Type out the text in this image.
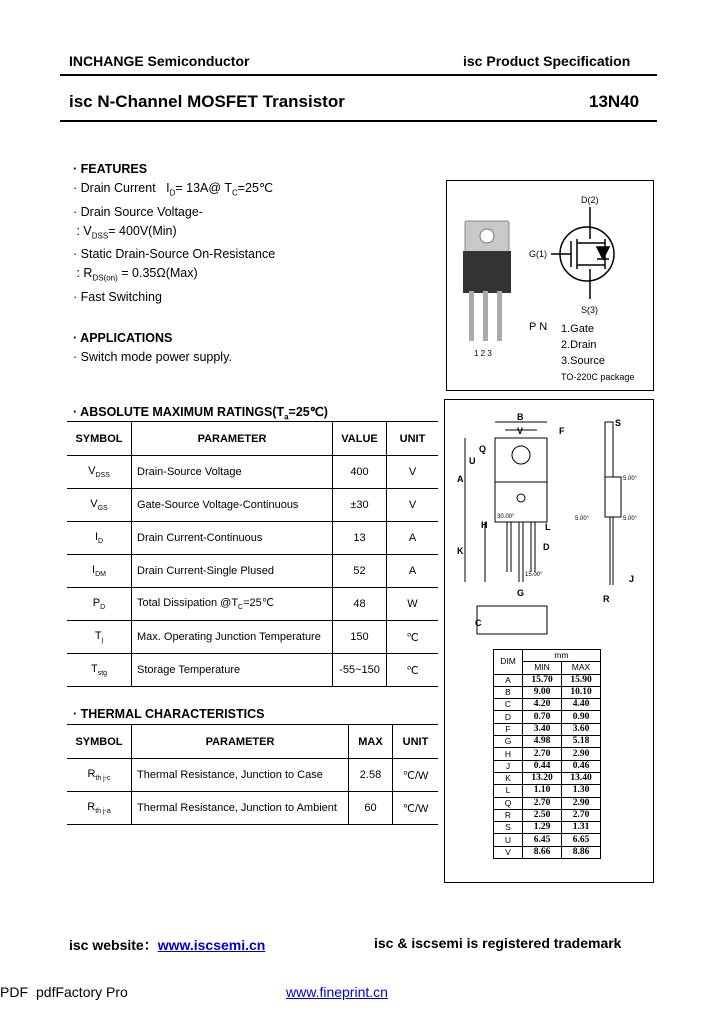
INCHANGE Semiconductor	isc Product Specification
isc N-Channel MOSFET Transistor	13N40
· FEATURES
· Drain Current   $I_D=$ 13A@ $T_C=25℃$
· Drain Source Voltage-
: $V_{DSS}= 400V(Min)$
· Static Drain-Source On-Resistance
: $R_{DS(on)} = 0.35\Omega(Max)$
· Fast Switching
· APPLICATIONS
· Switch mode power supply.
D(2)
G(1)
S(3)
1 2 3
P N 1.Gate
2.Drain
3.Source
TO-220C package
· ABSOLUTE MAXIMUM $RATINGS(T_a=25℃)$
SYMBOL	PARAMETER	VALUE	UNIT
$V_{DSS}$	Drain-Source Voltage	400	V
$V_{GS}$	Gate-Source Voltage-Continuous	±30	V
$I_D$	Drain Current-Continuous	13	A
$I_{DM}$	Drain Current-Single Plused	52	A
$P_D$	Total Dissipation $@T_C=25℃$	48	W
$T_j$	Max. Operating Junction Temperature	150	℃
$T_{stg}$	Storage Temperature	-55~150	℃
· THERMAL CHARACTERISTICS
SYMBOL	PARAMETER	MAX	UNIT
$R_{th j-c}$	Thermal Resistance, Junction to Case	2.58	℃/W
$R_{th j-a}$	Thermal Resistance, Junction to Ambient	60	℃/W
B
V	F
S
U
Q
A
H	L
K	D
J
G
R
C
30.00°
15.00°
5.00°
5.00°	5.00°
DIM	mm	
	MIN	MAX
A	15.70	15.90
B	9.00	10.10
C	4.20	4.40
D	0.70	0.90
F	3.40	3.60
G	4.98	5.18
H	2.70	2.90
J	0.44	0.46
K	13.20	13.40
L	1.10	1.30
Q	2.70	2.90
R	2.50	2.70
S	1.29	1.31
U	6.45	6.65
V	8.66	8.86
isc website：www.iscsemi.cn	isc & iscsemi is registered trademark
PDF pdfFactory Pro	www.fineprint.cn
